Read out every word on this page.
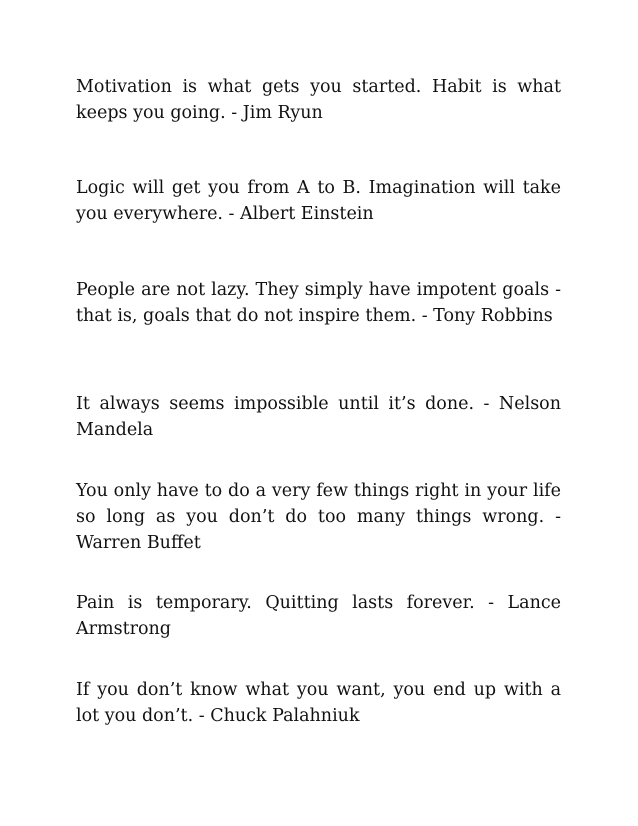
Motivation is what gets you started. Habit is what keeps you going. - Jim Ryun

Logic will get you from A to B. Imagination will take you everywhere. - Albert Einstein

People are not lazy. They simply have impotent goals - that is, goals that do not inspire them. - Tony Robbins

It always seems impossible until it’s done. - Nelson Mandela

You only have to do a very few things right in your life so long as you don’t do too many things wrong. - Warren Buffet

Pain is temporary. Quitting lasts forever. - Lance Armstrong

If you don’t know what you want, you end up with a lot you don’t. - Chuck Palahniuk
